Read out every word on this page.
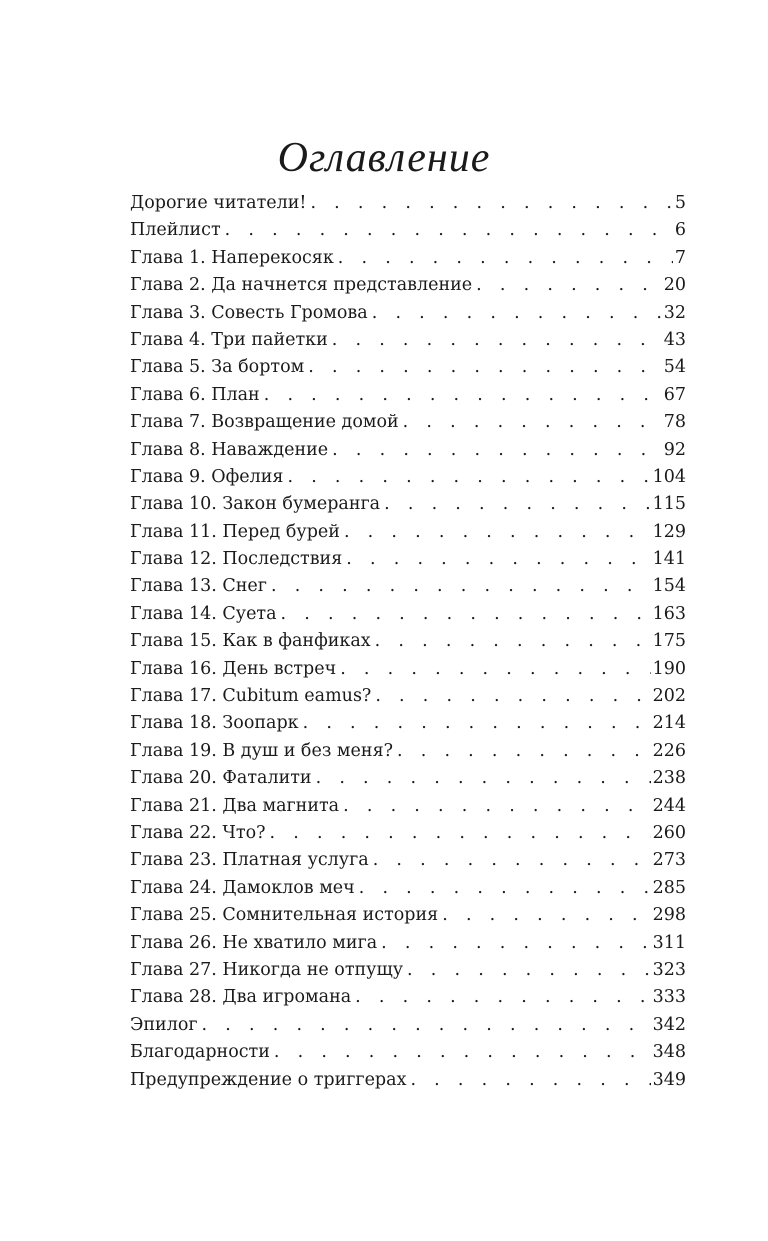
Оглавление
Дорогие читатели! . . .	5
Плейлист . . .	6
Глава 1. Наперекосяк . . .	7
Глава 2. Да начнется представление . . .	20
Глава 3. Совесть Громова . . .	32
Глава 4. Три пайетки . . .	43
Глава 5. За бортом . . .	54
Глава 6. План . . .	67
Глава 7. Возвращение домой . . .	78
Глава 8. Наваждение . . .	92
Глава 9. Офелия . . .	104
Глава 10. Закон бумеранга . . .	115
Глава 11. Перед бурей . . .	129
Глава 12. Последствия . . .	141
Глава 13. Снег . . .	154
Глава 14. Суета . . .	163
Глава 15. Как в фанфиках . . .	175
Глава 16. День встреч . . .	190
Глава 17. Cubitum eamus? . . .	202
Глава 18. Зоопарк . . .	214
Глава 19. В душ и без меня? . . .	226
Глава 20. Фаталити . . .	238
Глава 21. Два магнита . . .	244
Глава 22. Что? . . .	260
Глава 23. Платная услуга . . .	273
Глава 24. Дамоклов меч . . .	285
Глава 25. Сомнительная история . . .	298
Глава 26. Не хватило мига . . .	311
Глава 27. Никогда не отпущу . . .	323
Глава 28. Два игромана . . .	333
Эпилог . . .	342
Благодарности . . .	348
Предупреждение о триггерах . . .	349
